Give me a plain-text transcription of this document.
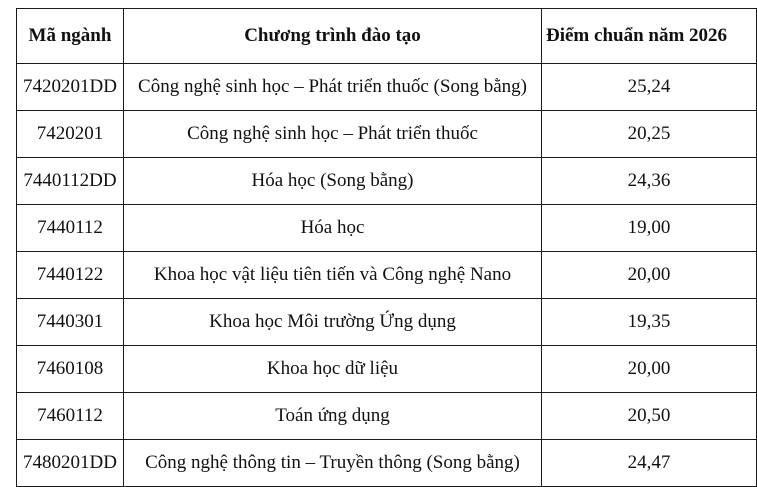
Mã ngành	Chương trình đào tạo	Điểm chuẩn năm 2026
7420201DD	Công nghệ sinh học – Phát triển thuốc (Song bằng)	25,24
7420201	Công nghệ sinh học – Phát triển thuốc	20,25
7440112DD	Hóa học (Song bằng)	24,36
7440112	Hóa học	19,00
7440122	Khoa học vật liệu tiên tiến và Công nghệ Nano	20,00
7440301	Khoa học Môi trường Ứng dụng	19,35
7460108	Khoa học dữ liệu	20,00
7460112	Toán ứng dụng	20,50
7480201DD	Công nghệ thông tin – Truyền thông (Song bằng)	24,47
